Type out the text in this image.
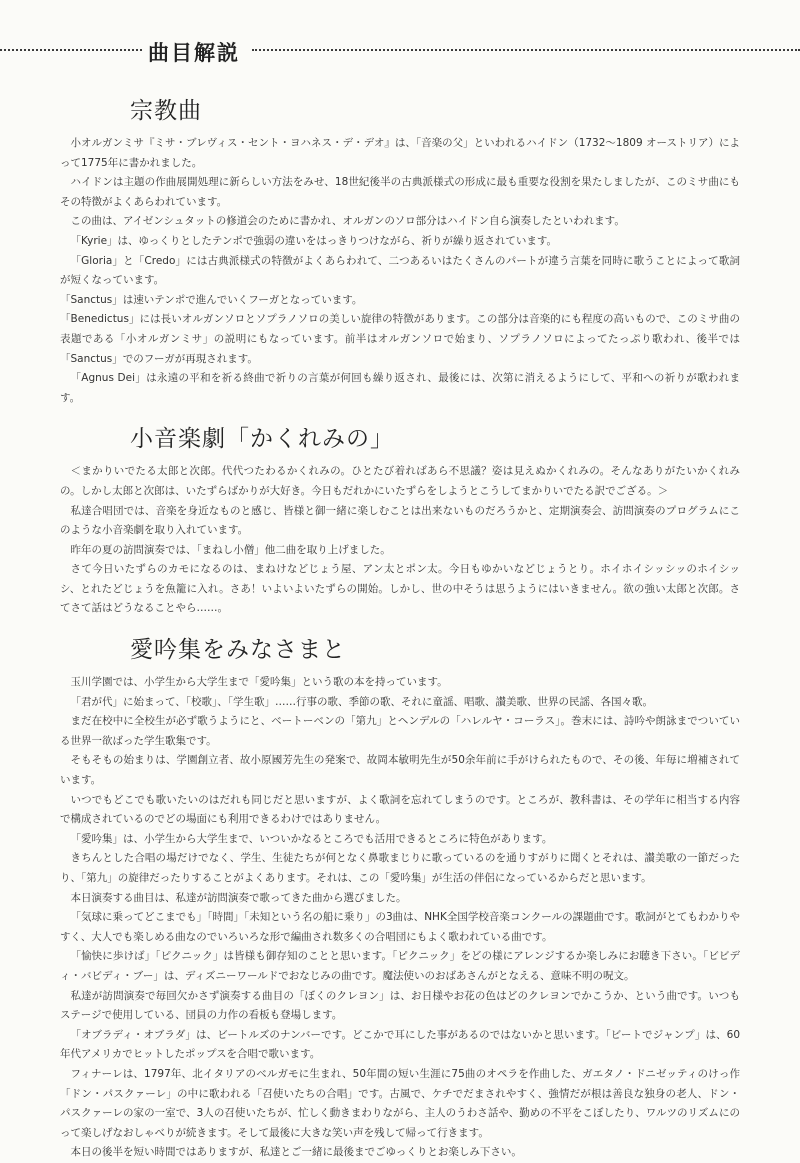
曲目解説
宗教曲

小オルガンミサ『ミサ・ブレヴィス・セント・ヨハネス・デ・デオ』は、「音楽の父」といわれるハイドン（1732〜1809 オーストリア）によって1775年に書かれました。

ハイドンは主題の作曲展開処理に新らしい方法をみせ、18世紀後半の古典派様式の形成に最も重要な役割を果たしましたが、このミサ曲にもその特徴がよくあらわれています。

この曲は、アイゼンシュタットの修道会のために書かれ、オルガンのソロ部分はハイドン自ら演奏したといわれます。

「Kyrie」は、ゆっくりとしたテンポで強弱の違いをはっきりつけながら、祈りが繰り返されています。

「Gloria」と「Credo」には古典派様式の特徴がよくあらわれて、二つあるいはたくさんのパートが違う言葉を同時に歌うことによって歌詞が短くなっています。

「Sanctus」は速いテンポで進んでいくフーガとなっています。

「Benedictus」には長いオルガンソロとソプラノソロの美しい旋律の特徴があります。この部分は音楽的にも程度の高いもので、このミサ曲の表題である「小オルガンミサ」の説明にもなっています。前半はオルガンソロで始まり、ソプラノソロによってたっぷり歌われ、後半では「Sanctus」でのフーガが再現されます。

「Agnus Dei」は永遠の平和を祈る終曲で祈りの言葉が何回も繰り返され、最後には、次第に消えるようにして、平和への祈りが歌われます。

小音楽劇「かくれみの」

＜まかりいでたる太郎と次郎。代代つたわるかくれみの。ひとたび着ればあら不思議？姿は見えぬかくれみの。そんなありがたいかくれみの。しかし太郎と次郎は、いたずらばかりが大好き。今日もだれかにいたずらをしようとこうしてまかりいでたる訳でござる。＞

私達合唱団では、音楽を身近なものと感じ、皆様と御一緒に楽しむことは出来ないものだろうかと、定期演奏会、訪問演奏のプログラムにこのような小音楽劇を取り入れています。

昨年の夏の訪問演奏では、「まねし小僧」他二曲を取り上げました。

さて今日いたずらのカモになるのは、まねけなどじょう屋、アン太とポン太。今日もゆかいなどじょうとり。ホイホイシッシッのホイシッシ、とれたどじょうを魚籠に入れ。さあ！いよいよいたずらの開始。しかし、世の中そうは思うようにはいきません。欲の強い太郎と次郎。さてさて話はどうなることやら……。

愛吟集をみなさまと

玉川学園では、小学生から大学生まで「愛吟集」という歌の本を持っています。

「君が代」に始まって、「校歌」、「学生歌」……行事の歌、季節の歌、それに童謡、唱歌、讃美歌、世界の民謡、各国々歌。

まだ在校中に全校生が必ず歌うようにと、ベートーベンの「第九」とヘンデルの「ハレルヤ・コーラス」。巻末には、詩吟や朗詠までついている世界一欲ばった学生歌集です。

そもそもの始まりは、学園創立者、故小原國芳先生の発案で、故岡本敏明先生が50余年前に手がけられたもので、その後、年毎に増補されています。

いつでもどこでも歌いたいのはだれも同じだと思いますが、よく歌詞を忘れてしまうのです。ところが、教科書は、その学年に相当する内容で構成されているのでどの場面にも利用できるわけではありません。

「愛吟集」は、小学生から大学生まで、いついかなるところでも活用できるところに特色があります。

きちんとした合唱の場だけでなく、学生、生徒たちが何となく鼻歌まじりに歌っているのを通りすがりに聞くとそれは、讃美歌の一節だったり、「第九」の旋律だったりすることがよくあります。それは、この「愛吟集」が生活の伴侶になっているからだと思います。

本日演奏する曲目は、私達が訪問演奏で歌ってきた曲から選びました。

「気球に乗ってどこまでも」「時間」「未知という名の船に乗り」の3曲は、NHK全国学校音楽コンクールの課題曲です。歌詞がとてもわかりやすく、大人でも楽しめる曲なのでいろいろな形で編曲され数多くの合唱団にもよく歌われている曲です。

「愉快に歩けば」「ピクニック」は皆様も御存知のことと思います。「ピクニック」をどの様にアレンジするか楽しみにお聴き下さい。「ビビディ・バビディ・ブー」は、ディズニーワールドでおなじみの曲です。魔法使いのおばあさんがとなえる、意味不明の呪文。

私達が訪問演奏で毎回欠かさず演奏する曲目の「ぼくのクレヨン」は、お日様やお花の色はどのクレヨンでかこうか、という曲です。いつもステージで使用している、団員の力作の看板も登場します。

「オブラディ・オブラダ」は、ビートルズのナンバーです。どこかで耳にした事があるのではないかと思います。「ビートでジャンプ」は、60年代アメリカでヒットしたポップスを合唱で歌います。

フィナーレは、1797年、北イタリアのベルガモに生まれ、50年間の短い生涯に75曲のオペラを作曲した、ガエタノ・ドニゼッティのけっ作「ドン・パスクァーレ」の中に歌われる「召使いたちの合唱」です。古風で、ケチでだまされやすく、強情だが根は善良な独身の老人、ドン・パスクァーレの家の一室で、3人の召使いたちが、忙しく動きまわりながら、主人のうわさ話や、勤めの不平をこぼしたり、ワルツのリズムにのって楽しげなおしゃべりが続きます。そして最後に大きな笑い声を残して帰って行きます。

本日の後半を短い時間ではありますが、私達とご一緒に最後までごゆっくりとお楽しみ下さい。
